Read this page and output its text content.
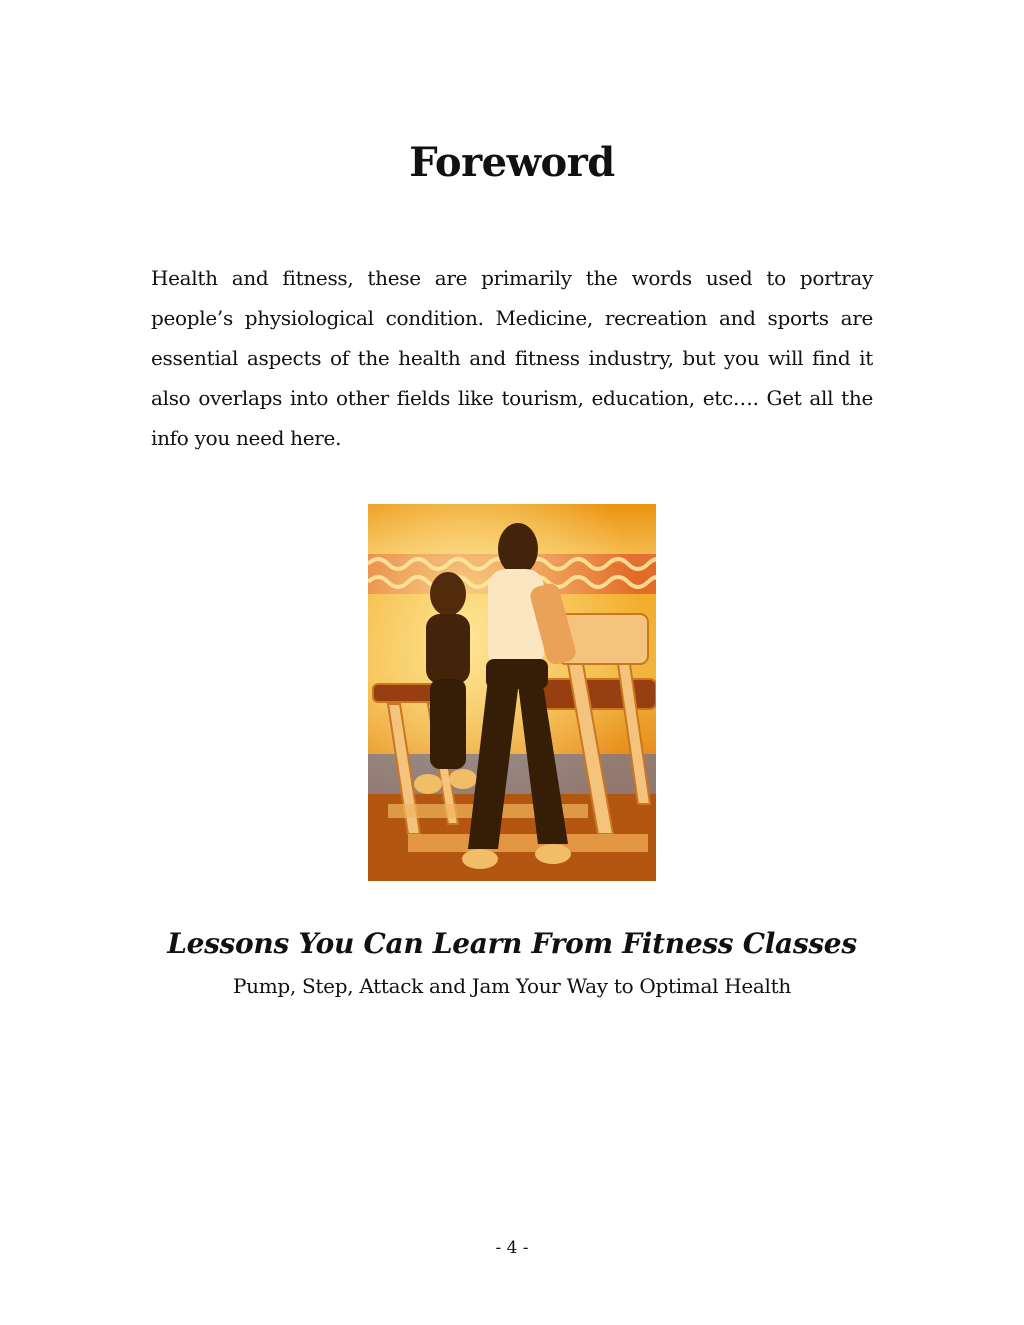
Foreword

Health and fitness, these are primarily the words used to portray people’s physiological condition. Medicine, recreation and sports are essential aspects of the health and fitness industry, but you will find it also overlaps into other fields like tourism, education, etc…. Get all the info you need here.

Lessons You Can Learn From Fitness Classes

Pump, Step, Attack and Jam Your Way to Optimal Health

- 4 -
